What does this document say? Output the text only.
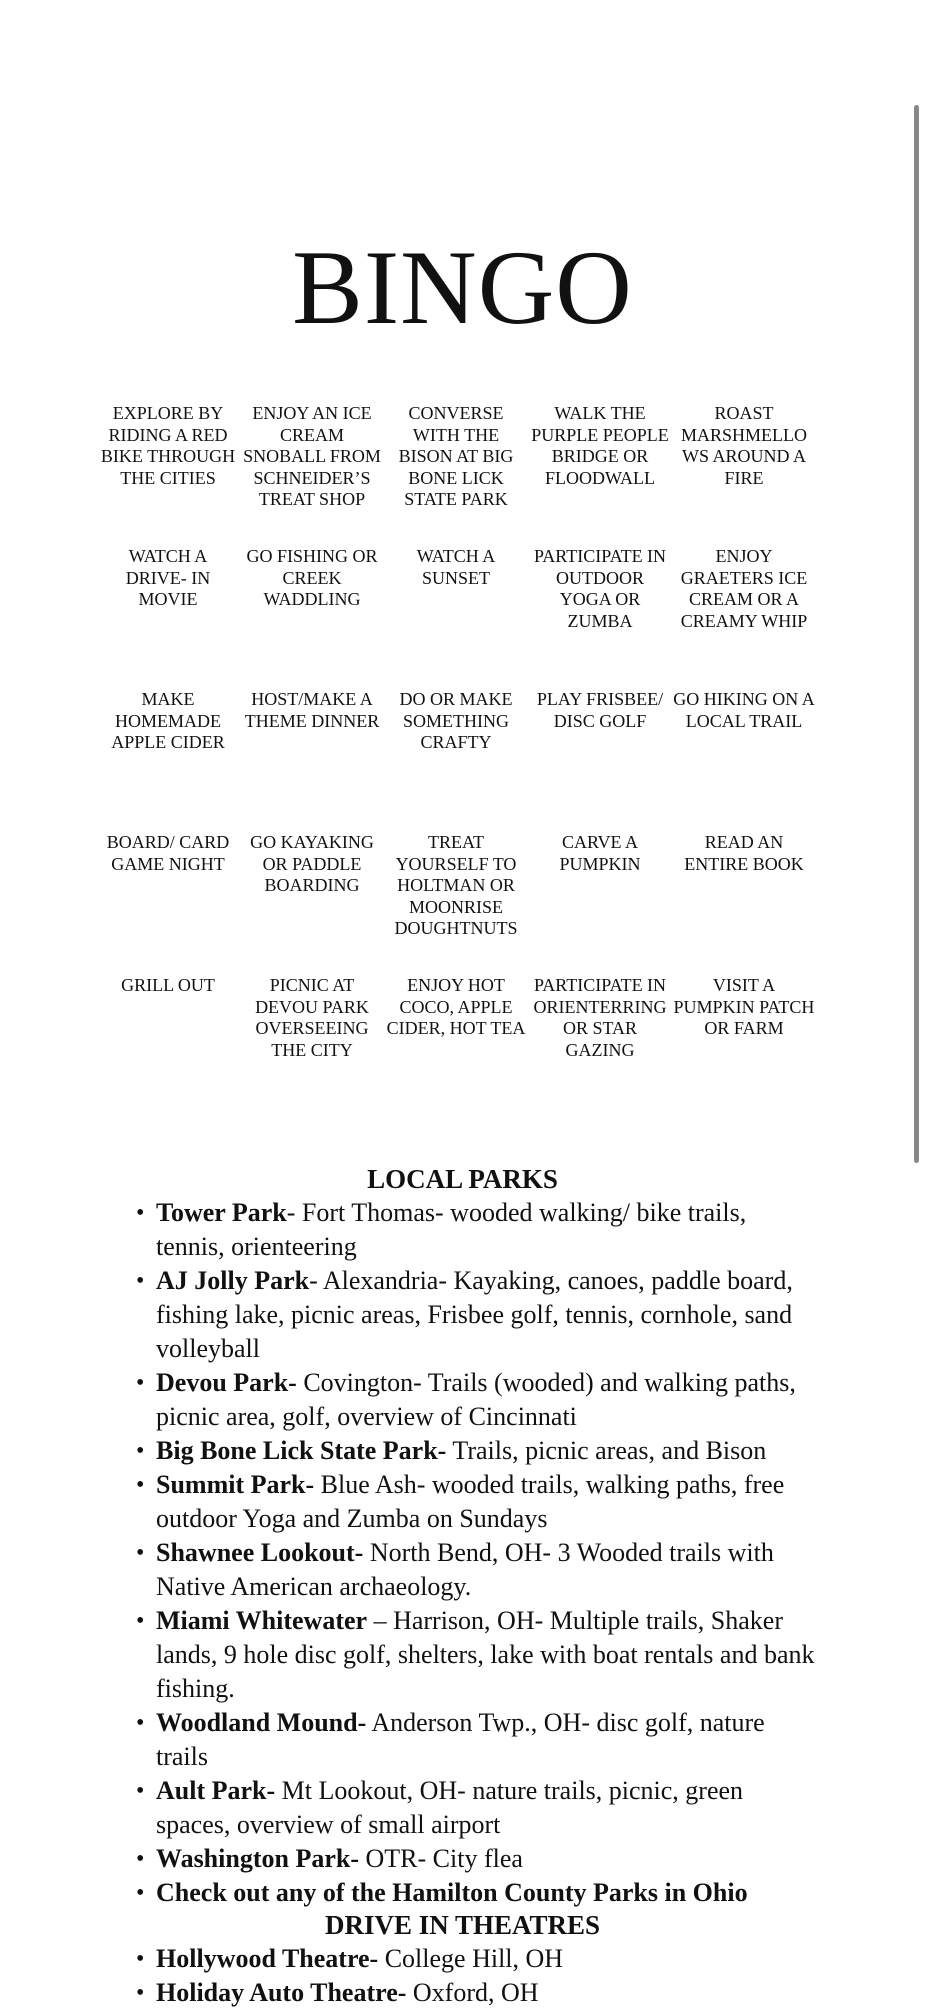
BINGO
EXPLORE BY RIDING A RED BIKE THROUGH THE CITIES
ENJOY AN ICE CREAM SNOBALL FROM SCHNEIDER’S TREAT SHOP
CONVERSE WITH THE BISON AT BIG BONE LICK STATE PARK
WALK THE PURPLE PEOPLE BRIDGE OR FLOODWALL
ROAST MARSHMELLOWS AROUND A FIRE
WATCH A DRIVE- IN MOVIE
GO FISHING OR CREEK WADDLING
WATCH A SUNSET
PARTICIPATE IN OUTDOOR YOGA OR ZUMBA
ENJOY GRAETERS ICE CREAM OR A CREAMY WHIP
MAKE HOMEMADE APPLE CIDER
HOST/MAKE A THEME DINNER
DO OR MAKE SOMETHING CRAFTY
PLAY FRISBEE/ DISC GOLF
GO HIKING ON A LOCAL TRAIL
BOARD/ CARD GAME NIGHT
GO KAYAKING OR PADDLE BOARDING
TREAT YOURSELF TO HOLTMAN OR MOONRISE DOUGHTNUTS
CARVE A PUMPKIN
READ AN ENTIRE BOOK
GRILL OUT	PICNIC AT DEVOU PARK OVERSEEING THE CITY
ENJOY HOT COCO, APPLE CIDER, HOT TEA
PARTICIPATE IN ORIENTERRING OR STAR GAZING
VISIT A PUMPKIN PATCH OR FARM
LOCAL PARKS
• Tower Park- Fort Thomas- wooded walking/ bike trails, tennis, orienteering
• AJ Jolly Park- Alexandria- Kayaking, canoes, paddle board, fishing lake, picnic areas, Frisbee golf, tennis, cornhole, sand volleyball
• Devou Park- Covington- Trails (wooded) and walking paths, picnic area, golf, overview of Cincinnati
• Big Bone Lick State Park- Trails, picnic areas, and Bison
• Summit Park- Blue Ash- wooded trails, walking paths, free outdoor Yoga and Zumba on Sundays
• Shawnee Lookout- North Bend, OH- 3 Wooded trails with Native American archaeology.
• Miami Whitewater – Harrison, OH- Multiple trails, Shaker lands, 9 hole disc golf, shelters, lake with boat rentals and bank fishing.
• Woodland Mound- Anderson Twp., OH- disc golf, nature trails
• Ault Park- Mt Lookout, OH- nature trails, picnic, green spaces, overview of small airport
• Washington Park- OTR- City flea
• Check out any of the Hamilton County Parks in Ohio
DRIVE IN THEATRES
• Hollywood Theatre- College Hill, OH
• Holiday Auto Theatre- Oxford, OH
